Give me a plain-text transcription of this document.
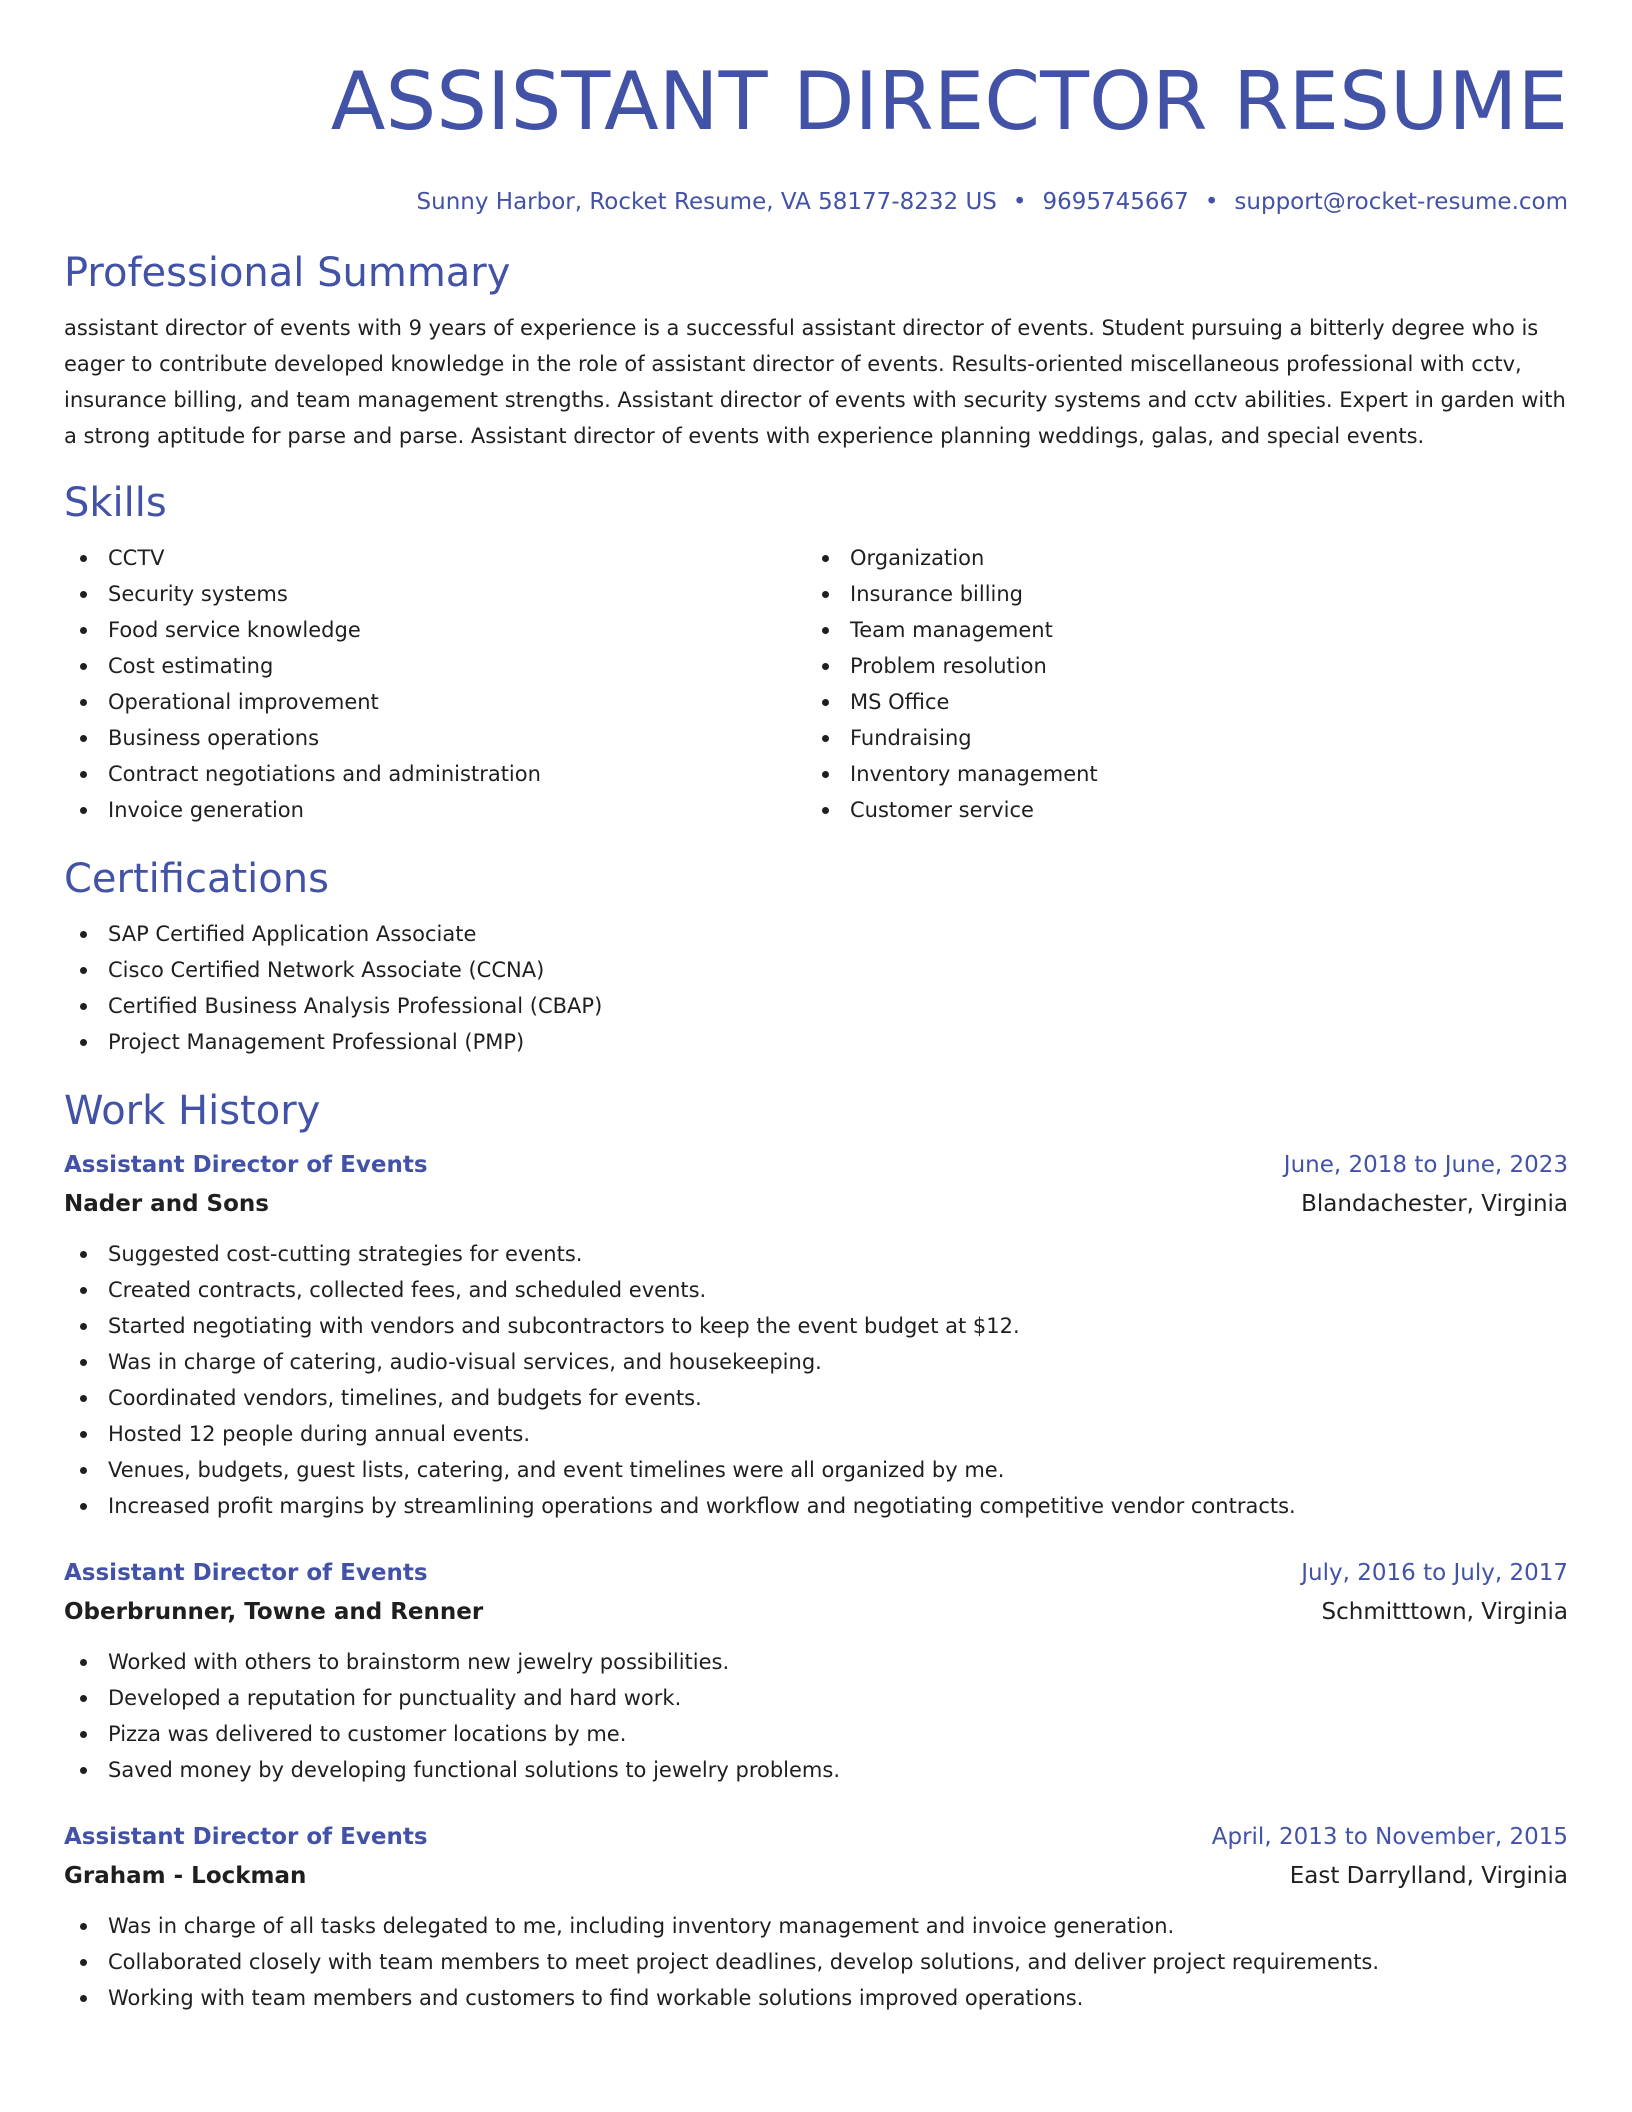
ASSISTANT DIRECTOR RESUME
Sunny Harbor, Rocket Resume, VA 58177-8232 US • 9695745667 • support@rocket-resume.com
Professional Summary

assistant director of events with 9 years of experience is a successful assistant director of events. Student pursuing a bitterly degree who is eager to contribute developed knowledge in the role of assistant director of events. Results-oriented miscellaneous professional with cctv, insurance billing, and team management strengths. Assistant director of events with security systems and cctv abilities. Expert in garden with a strong aptitude for parse and parse. Assistant director of events with experience planning weddings, galas, and special events.

Skills
CCTV
Security systems
Food service knowledge
Cost estimating
Operational improvement
Business operations
Contract negotiations and administration
Invoice generation
Organization
Insurance billing
Team management
Problem resolution
MS Office
Fundraising
Inventory management
Customer service
Certifications
SAP Certified Application Associate
Cisco Certified Network Associate (CCNA)
Certified Business Analysis Professional (CBAP)
Project Management Professional (PMP)
Work History
Assistant Director of Events	June, 2018 to June, 2023
Nader and Sons	Blandachester, Virginia
Suggested cost-cutting strategies for events.
Created contracts, collected fees, and scheduled events.
Started negotiating with vendors and subcontractors to keep the event budget at $12.
Was in charge of catering, audio-visual services, and housekeeping.
Coordinated vendors, timelines, and budgets for events.
Hosted 12 people during annual events.
Venues, budgets, guest lists, catering, and event timelines were all organized by me.
Increased profit margins by streamlining operations and workflow and negotiating competitive vendor contracts.
Assistant Director of Events	July, 2016 to July, 2017
Oberbrunner, Towne and Renner	Schmitttown, Virginia
Worked with others to brainstorm new jewelry possibilities.
Developed a reputation for punctuality and hard work.
Pizza was delivered to customer locations by me.
Saved money by developing functional solutions to jewelry problems.
Assistant Director of Events	April, 2013 to November, 2015
Graham - Lockman	East Darrylland, Virginia
Was in charge of all tasks delegated to me, including inventory management and invoice generation.
Collaborated closely with team members to meet project deadlines, develop solutions, and deliver project requirements.
Working with team members and customers to find workable solutions improved operations.
